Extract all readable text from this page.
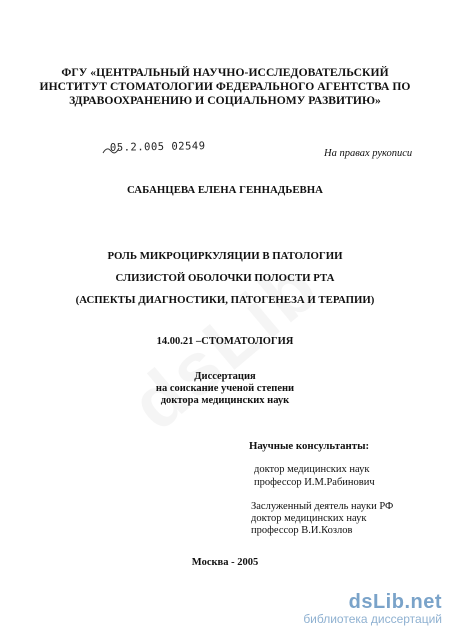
ФГУ «ЦЕНТРАЛЬНЫЙ НАУЧНО-ИССЛЕДОВАТЕЛЬСКИЙ
ИНСТИТУТ СТОМАТОЛОГИИ ФЕДЕРАЛЬНОГО АГЕНТСТВА ПО
ЗДРАВООХРАНЕНИЮ И СОЦИАЛЬНОМУ РАЗВИТИЮ»
05.2.005 02549	На правах рукописи
САБАНЦЕВА ЕЛЕНА ГЕННАДЬЕВНА
РОЛЬ МИКРОЦИРКУЛЯЦИИ В ПАТОЛОГИИ
СЛИЗИСТОЙ ОБОЛОЧКИ ПОЛОСТИ РТА
(АСПЕКТЫ ДИАГНОСТИКИ, ПАТОГЕНЕЗА И ТЕРАПИИ)
14.00.21 –СТОМАТОЛОГИЯ
Диссертация
на соискание ученой степени
доктора медицинских наук
Научные консультанты:
доктор медицинских наук
профессор И.М.Рабинович
Заслуженный деятель науки РФ
доктор медицинских наук
профессор В.И.Козлов
Москва - 2005
dsLib.net
библиотека диссертаций
